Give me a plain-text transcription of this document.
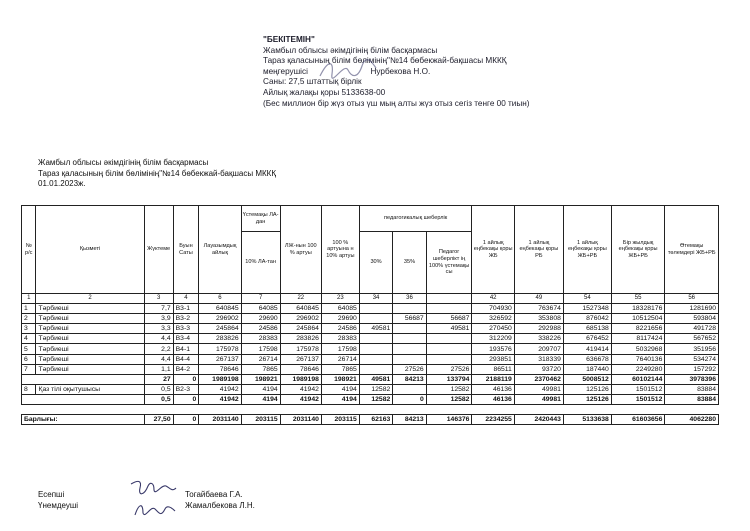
"БЕКІТЕМІН"
Жамбыл облысы әкімдігінің білім басқармасы
Тараз қаласының білім бөлімінің"№14 бөбекжай-бақшасы МККҚ
меңгерушісі	Нурбекова Н.О.
Саны: 27,5 штаттық бірлік
Айлық жалақы қоры 5133638-00
(Бес миллион бір жүз отыз үш мың алты жүз отыз сегіз тенге 00 тиын)
Жамбыл облысы әкімдігінің білім басқармасы
Тараз қаласының білім бөлімінің"№14 бөбекжай-бақшасы МККҚ
01.01.2023ж.
№ р/с	Қызметі	Жүктеме	Буын Саты	Лауазымдық айлық	Үстемақы ЛА-дан	ЛЖ-нын 100 % артуы	100 % артуына н 10% артуы	педагогикалық шеберлік			1 айлық еңбекақы қоры ЖБ	1 айлық еңбекақы қоры РБ	1 айлық еңбекақы қоры ЖБ+РБ	Бір жылдық еңбекақы қоры ЖБ+РБ	Өтемақы төлемдері ЖБ+РБ
					10% ЛА-тан			30%	35%	Педагог шеберлікт ің 100% үстемақы сы					
1	2	3	4	6	7	22	23	34	36		42	49	54	55	56
1	Тәрбиеші	7,7	В3-1	640845	64085	640845	64085				704930	763674	1527348	18328176	1281690
2	Тәрбиеші	3,9	В3-2	296902	29690	296902	29690		56687	56687	326592	353808	876042	10512504	593804
3	Тәрбиеші	3,3	В3-3	245864	24586	245864	24586	49581		49581	270450	292988	685138	8221656	491728
4	Тәрбиеші	4,4	В3-4	283826	28383	283826	28383				312209	338226	676452	8117424	567652
5	Тәрбиеші	2,2	В4-1	175978	17598	175978	17598				193576	209707	419414	5032968	351956
6	Тәрбиеші	4,4	В4-4	267137	26714	267137	26714				293851	318339	636678	7640136	534274
7	Тәрбиеші	1,1	В4-2	78646	7865	78646	7865		27526	27526	86511	93720	187440	2249280	157292
		27	0	1989198	198921	1989198	198921	49581	84213	133794	2188119	2370462	5008512	60102144	3978396
8	Қаз тілі оқытушысы	0,5	В2-3	41942	4194	41942	4194	12582		12582	46136	49981	125126	1501512	83884
		0,5	0	41942	4194	41942	4194	12582	0	12582	46136	49981	125126	1501512	83884

Барлығы:		27,50	0	2031140	203115	2031140	203115	62163	84213	146376	2234255	2420443	5133638	61603656	4062280
Есепші	Тогайбаева Г.А.
Үнемдеуші	Жамалбекова Л.Н.
